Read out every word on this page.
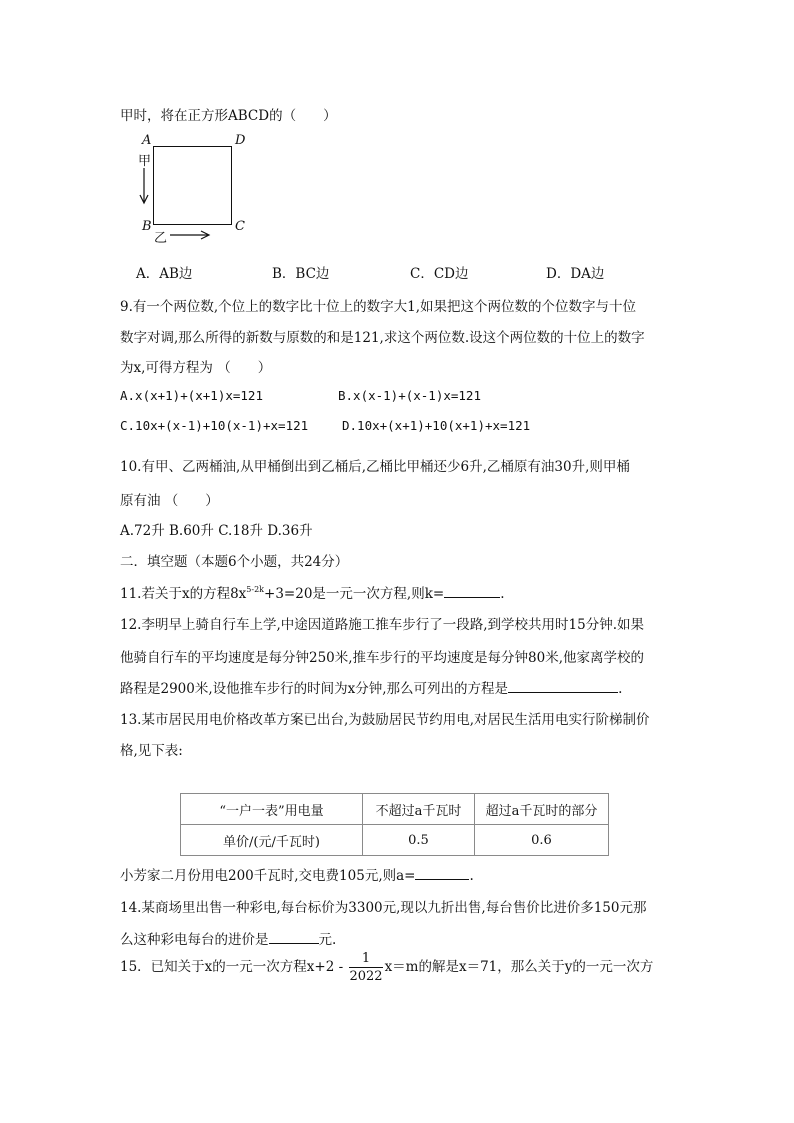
甲时，将在正方形ABCD的（　　）
A	D
B	C
甲
乙
A．AB边	B．BC边	C．CD边	D．DA边
9.有一个两位数,个位上的数字比十位上的数字大1,如果把这个两位数的个位数字与十位
数字对调,那么所得的新数与原数的和是121,求这个两位数.设这个两位数的十位上的数字
为x,可得方程为 （　　）
A.x(x+1)+(x+1)x=121	B.x(x-1)+(x-1)x=121
C.10x+(x-1)+10(x-1)+x=121	D.10x+(x+1)+10(x+1)+x=121
10.有甲、乙两桶油,从甲桶倒出到乙桶后,乙桶比甲桶还少6升,乙桶原有油30升,则甲桶
原有油 （　　）
A.72升 B.60升 C.18升 D.36升
二．填空题（本题6个小题，共24分）
11.若关于x的方程$8x^{5-2k}+3=20$是一元一次方程,则k=	.
12.李明早上骑自行车上学,中途因道路施工推车步行了一段路,到学校共用时15分钟.如果
他骑自行车的平均速度是每分钟250米,推车步行的平均速度是每分钟80米,他家离学校的
路程是2900米,设他推车步行的时间为x分钟,那么可列出的方程是	.
13.某市居民用电价格改革方案已出台,为鼓励居民节约用电,对居民生活用电实行阶梯制价
格,见下表:
“一户一表”用电量	不超过a千瓦时	超过a千瓦时的部分
单价/(元/千瓦时)	0.5	0.6
小芳家二月份用电200千瓦时,交电费105元,则a=	.
14.某商场里出售一种彩电,每台标价为3300元,现以九折出售,每台售价比进价多150元那
么这种彩电每台的进价是	元.
15．已知关于x的一元一次方程$x+2 - \frac{1}{2022} x=m$的解是x＝71，那么关于y的一元一次方
